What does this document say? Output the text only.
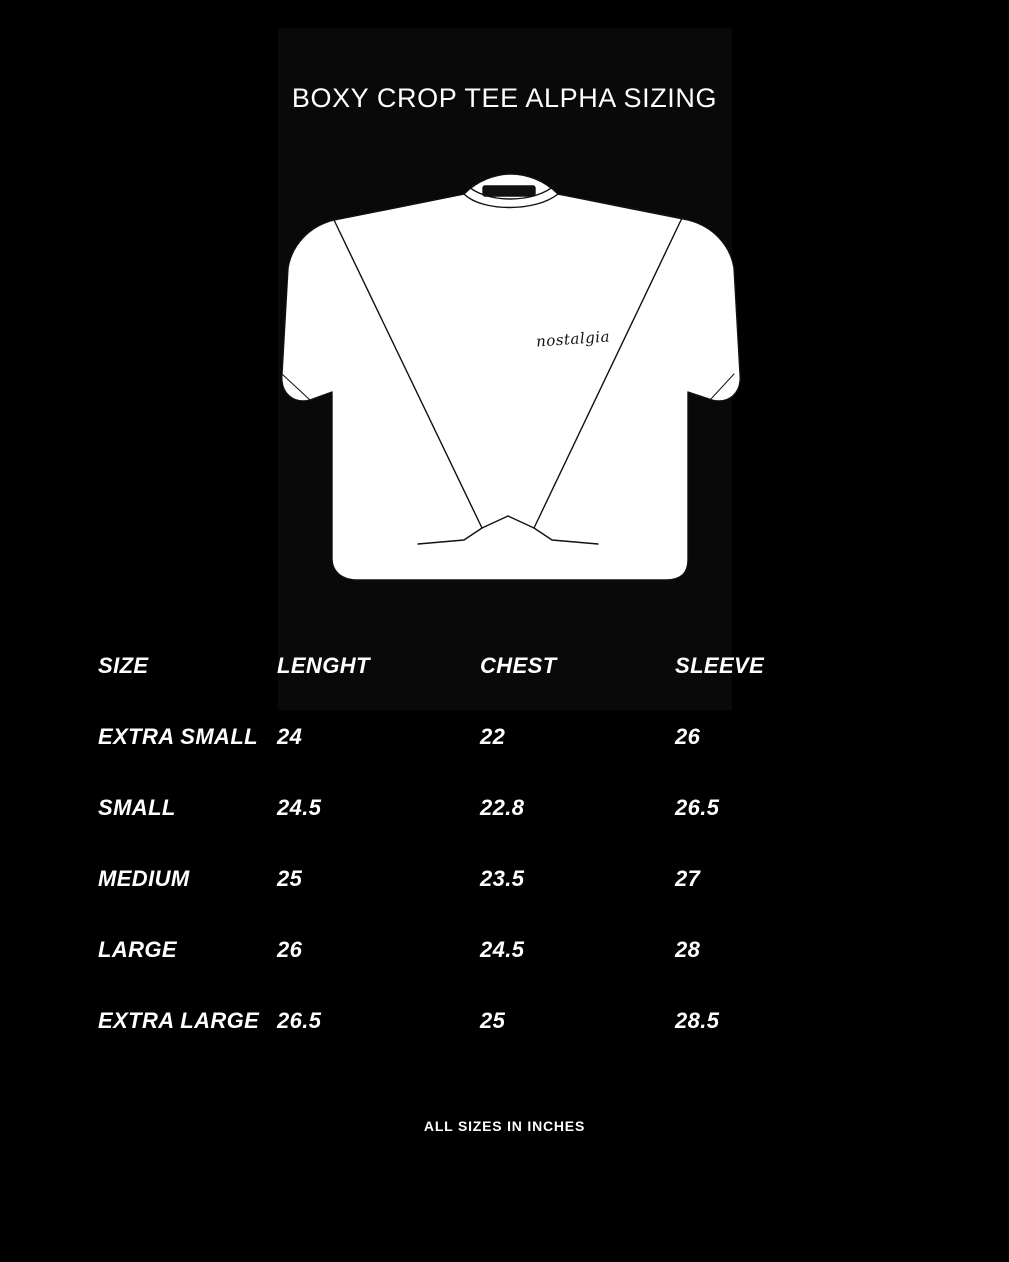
BOXY CROP TEE ALPHA SIZING
nostalgia
SIZE	LENGHT	CHEST	SLEEVE
EXTRA SMALL 24	22	26
SMALL	24.5	22.8	26.5
MEDIUM	25	23.5	27
LARGE	26	24.5	28
EXTRA LARGE 26.5	25	28.5
ALL SIZES IN INCHES
